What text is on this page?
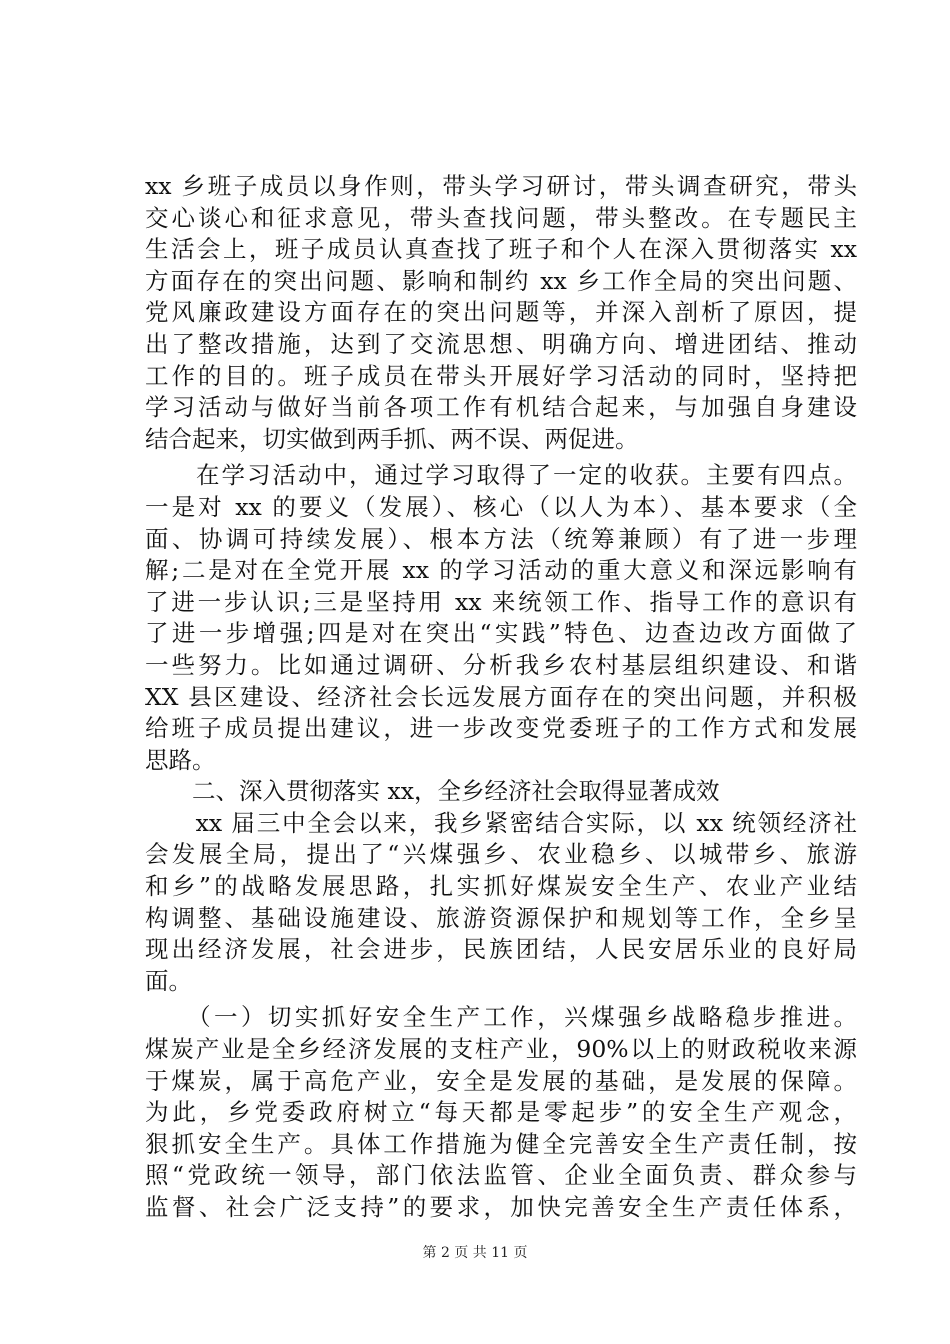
xx 乡班子成员以身作则，带头学习研讨，带头调查研究，带头
交心谈心和征求意见，带头查找问题，带头整改。在专题民主
生活会上，班子成员认真查找了班子和个人在深入贯彻落实 xx
方面存在的突出问题、影响和制约 xx 乡工作全局的突出问题、
党风廉政建设方面存在的突出问题等，并深入剖析了原因，提
出了整改措施，达到了交流思想、明确方向、增进团结、推动
工作的目的。班子成员在带头开展好学习活动的同时，坚持把
学习活动与做好当前各项工作有机结合起来，与加强自身建设
结合起来，切实做到两手抓、两不误、两促进。
　　在学习活动中，通过学习取得了一定的收获。主要有四点。
一是对 xx 的要义（发展）、核心（以人为本）、基本要求（全
面、协调可持续发展）、根本方法（统筹兼顾）有了进一步理
解;二是对在全党开展 xx 的学习活动的重大意义和深远影响有
了进一步认识;三是坚持用 xx 来统领工作、指导工作的意识有
了进一步增强;四是对在突出“实践”特色、边查边改方面做了
一些努力。比如通过调研、分析我乡农村基层组织建设、和谐
XX 县区建设、经济社会长远发展方面存在的突出问题，并积极
给班子成员提出建议，进一步改变党委班子的工作方式和发展
思路。
　　二、深入贯彻落实 xx，全乡经济社会取得显著成效
　　xx 届三中全会以来，我乡紧密结合实际，以 xx 统领经济社
会发展全局，提出了“兴煤强乡、农业稳乡、以城带乡、旅游
和乡”的战略发展思路，扎实抓好煤炭安全生产、农业产业结
构调整、基础设施建设、旅游资源保护和规划等工作，全乡呈
现出经济发展，社会进步，民族团结，人民安居乐业的良好局
面。
　　（一）切实抓好安全生产工作，兴煤强乡战略稳步推进。
煤炭产业是全乡经济发展的支柱产业，90%以上的财政税收来源
于煤炭，属于高危产业，安全是发展的基础，是发展的保障。
为此，乡党委政府树立“每天都是零起步”的安全生产观念，
狠抓安全生产。具体工作措施为健全完善安全生产责任制，按
照“党政统一领导，部门依法监管、企业全面负责、群众参与
监督、社会广泛支持”的要求，加快完善安全生产责任体系，
第 2 页 共 11 页
